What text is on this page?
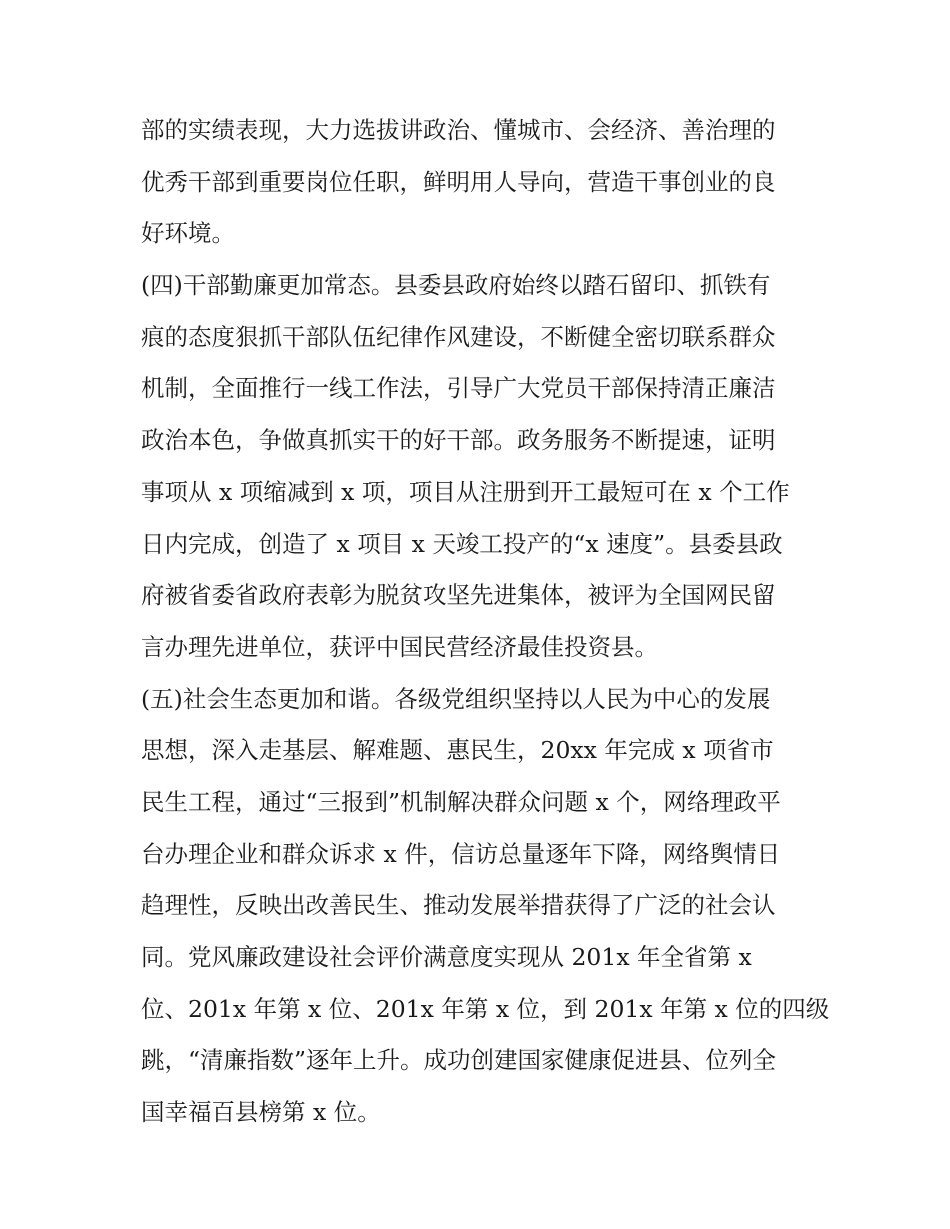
部的实绩表现，大力选拔讲政治、懂城市、会经济、善治理的
优秀干部到重要岗位任职，鲜明用人导向，营造干事创业的良
好环境。
(四)干部勤廉更加常态。县委县政府始终以踏石留印、抓铁有
痕的态度狠抓干部队伍纪律作风建设，不断健全密切联系群众
机制，全面推行一线工作法，引导广大党员干部保持清正廉洁
政治本色，争做真抓实干的好干部。政务服务不断提速，证明
事项从 x 项缩减到 x 项，项目从注册到开工最短可在 x 个工作
日内完成，创造了 x 项目 x 天竣工投产的“x 速度”。县委县政
府被省委省政府表彰为脱贫攻坚先进集体，被评为全国网民留
言办理先进单位，获评中国民营经济最佳投资县。
(五)社会生态更加和谐。各级党组织坚持以人民为中心的发展
思想，深入走基层、解难题、惠民生，20xx 年完成 x 项省市
民生工程，通过“三报到”机制解决群众问题 x 个，网络理政平
台办理企业和群众诉求 x 件，信访总量逐年下降，网络舆情日
趋理性，反映出改善民生、推动发展举措获得了广泛的社会认
同。党风廉政建设社会评价满意度实现从 201x 年全省第 x
位、201x 年第 x 位、201x 年第 x 位，到 201x 年第 x 位的四级
跳，“清廉指数”逐年上升。成功创建国家健康促进县、位列全
国幸福百县榜第 x 位。
